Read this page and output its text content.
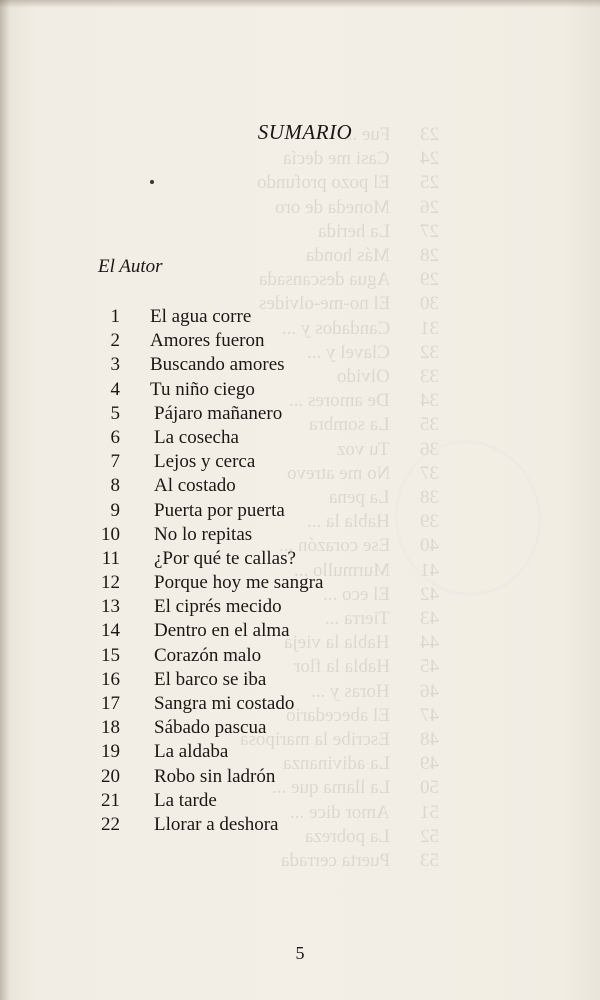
Fue ... 23
Casi me decía 24
El pozo profundo 25
Moneda de oro 26
La herida 27
Más honda 28
Agua descansada 29
El no-me-olvides 30
Candados y ... 31
Clavel y ... 32
Olvido 33
De amores ... 34
La sombra 35
Tu voz 36
No me atrevo 37
La pena 38
Habla la ... 39
Ese corazón ... 40
Murmullo ... 41
El eco ... 42
Tierra ... 43
Habla la vieja 44
Habla la flor 45
Horas y ... 46
El abecedario 47
Escribe la mariposa 48
La adivinanza 49
La llama que ... 50
Amor dice ... 51
La pobreza 52
Puerta cerrada 53
SUMARIO
El Autor
1 El agua corre
2 Amores fueron
3 Buscando amores
4 Tu niño ciego
5 Pájaro mañanero
6 La cosecha
7 Lejos y cerca
8 Al costado
9 Puerta por puerta
10 No lo repitas
11 ¿Por qué te callas?
12 Porque hoy me sangra
13 El ciprés mecido
14 Dentro en el alma
15 Corazón malo
16 El barco se iba
17 Sangra mi costado
18 Sábado pascua
19 La aldaba
20 Robo sin ladrón
21 La tarde
22 Llorar a deshora
5
